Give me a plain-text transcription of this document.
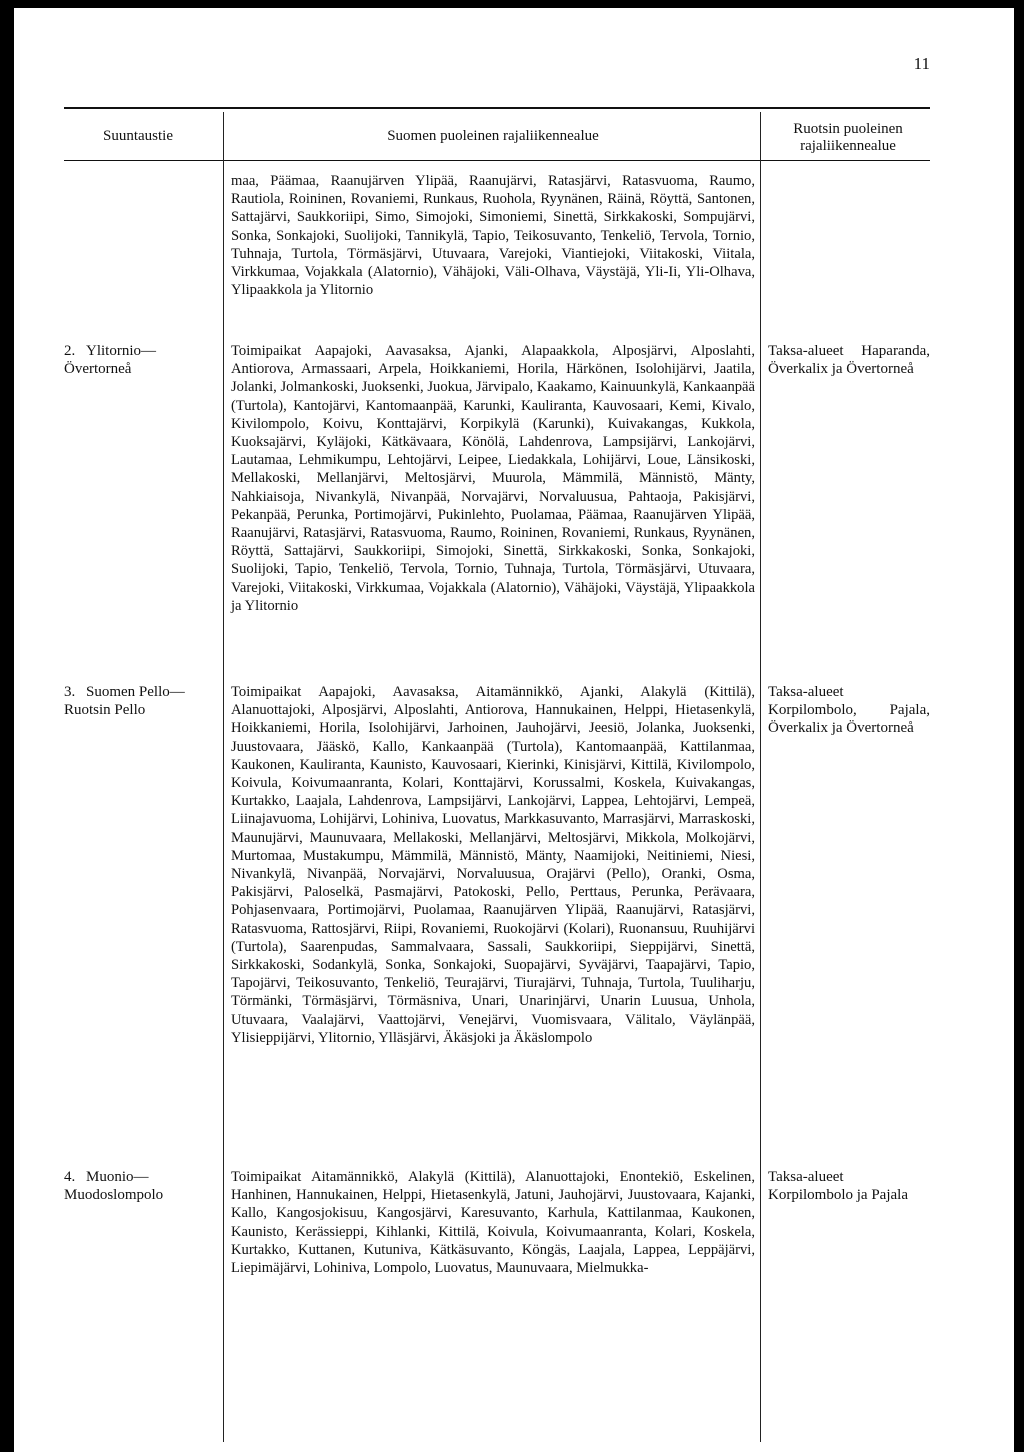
11
Suuntaustie	Suomen puoleinen rajaliikennealue	Ruotsin puoleinen rajaliikennealue
maa, Päämaa, Raanujärven Ylipää, Raanujärvi, Ratasjärvi, Ratasvuoma, Raumo, Rautiola, Roininen, Rovaniemi, Runkaus, Ruohola, Ryynänen, Räinä, Röyttä, Santonen, Sattajärvi, Saukkoriipi, Simo, Simojoki, Simoniemi, Sinettä, Sirkkakoski, Sompujärvi, Sonka, Sonkajoki, Suolijoki, Tannikylä, Tapio, Teikosuvanto, Tenkeliö, Tervola, Tornio, Tuhnaja, Turtola, Törmäsjärvi, Utuvaara, Varejoki, Viantiejoki, Viitakoski, Viitala, Virkkumaa, Vojakkala (Alatornio), Vähäjoki, Väli-Olhava, Väystäjä, Yli-Ii, Yli-Olhava, Ylipaakkola ja Ylitornio
2. Ylitornio—Övertorneå
Toimipaikat Aapajoki, Aavasaksa, Ajanki, Alapaakkola, Alposjärvi, Alposlahti, Antiorova, Armassaari, Arpela, Hoikkaniemi, Horila, Härkönen, Isolohijärvi, Jaatila, Jolanki, Jolmankoski, Juoksenki, Juokua, Järvipalo, Kaakamo, Kainuunkylä, Kankaanpää (Turtola), Kantojärvi, Kantomaanpää, Karunki, Kauliranta, Kauvosaari, Kemi, Kivalo, Kivilompolo, Koivu, Konttajärvi, Korpikylä (Karunki), Kuivakangas, Kukkola, Kuoksajärvi, Kyläjoki, Kätkävaara, Könölä, Lahdenrova, Lampsijärvi, Lankojärvi, Lautamaa, Lehmikumpu, Lehtojärvi, Leipee, Liedakkala, Lohijärvi, Loue, Länsikoski, Mellakoski, Mellanjärvi, Meltosjärvi, Muurola, Mämmilä, Männistö, Mänty, Nahkiaisoja, Nivankylä, Nivanpää, Norvajärvi, Norvaluusua, Pahtaoja, Pakisjärvi, Pekanpää, Perunka, Portimojärvi, Pukinlehto, Puolamaa, Päämaa, Raanujärven Ylipää, Raanujärvi, Ratasjärvi, Ratasvuoma, Raumo, Roininen, Rovaniemi, Runkaus, Ryynänen, Röyttä, Sattajärvi, Saukkoriipi, Simojoki, Sinettä, Sirkkakoski, Sonka, Sonkajoki, Suolijoki, Tapio, Tenkeliö, Tervola, Tornio, Tuhnaja, Turtola, Törmäsjärvi, Utuvaara, Varejoki, Viitakoski, Virkkumaa, Vojakkala (Alatornio), Vähäjoki, Väystäjä, Ylipaakkola ja Ylitornio
Taksa-alueet Haparanda, Överkalix ja Övertorneå
3. Suomen Pello—Ruotsin Pello
Toimipaikat Aapajoki, Aavasaksa, Aitamännikkö, Ajanki, Alakylä (Kittilä), Alanuottajoki, Alposjärvi, Alposlahti, Antiorova, Hannukainen, Helppi, Hietasenkylä, Hoikkaniemi, Horila, Isolohijärvi, Jarhoinen, Jauhojärvi, Jeesiö, Jolanka, Juoksenki, Juustovaara, Jääskö, Kallo, Kankaanpää (Turtola), Kantomaanpää, Kattilanmaa, Kaukonen, Kauliranta, Kaunisto, Kauvosaari, Kierinki, Kinisjärvi, Kittilä, Kivilompolo, Koivula, Koivumaanranta, Kolari, Konttajärvi, Korussalmi, Koskela, Kuivakangas, Kurtakko, Laajala, Lahdenrova, Lampsijärvi, Lankojärvi, Lappea, Lehtojärvi, Lempeä, Liinajavuoma, Lohijärvi, Lohiniva, Luovatus, Markkasuvanto, Marrasjärvi, Marraskoski, Maunujärvi, Maunuvaara, Mellakoski, Mellanjärvi, Meltosjärvi, Mikkola, Molkojärvi, Murtomaa, Mustakumpu, Mämmilä, Männistö, Mänty, Naamijoki, Neitiniemi, Niesi, Nivankylä, Nivanpää, Norvajärvi, Norvaluusua, Orajärvi (Pello), Oranki, Osma, Pakisjärvi, Paloselkä, Pasmajärvi, Patokoski, Pello, Perttaus, Perunka, Perävaara, Pohjasenvaara, Portimojärvi, Puolamaa, Raanujärven Ylipää, Raanujärvi, Ratasjärvi, Ratasvuoma, Rattosjärvi, Riipi, Rovaniemi, Ruokojärvi (Kolari), Ruonansuu, Ruuhijärvi (Turtola), Saarenpudas, Sammalvaara, Sassali, Saukkoriipi, Sieppijärvi, Sinettä, Sirkkakoski, Sodankylä, Sonka, Sonkajoki, Suopajärvi, Syväjärvi, Taapajärvi, Tapio, Tapojärvi, Teikosuvanto, Tenkeliö, Teurajärvi, Tiurajärvi, Tuhnaja, Turtola, Tuuliharju, Törmänki, Törmäsjärvi, Törmäsniva, Unari, Unarinjärvi, Unarin Luusua, Unhola, Utuvaara, Vaalajärvi, Vaattojärvi, Venejärvi, Vuomisvaara, Välitalo, Väylänpää, Ylisieppijärvi, Ylitornio, Ylläsjärvi, Äkäsjoki ja Äkäslompolo
Taksa-alueet Korpilombolo, Pajala, Överkalix ja Övertorneå
4. Muonio—Muodoslompolo
Toimipaikat Aitamännikkö, Alakylä (Kittilä), Alanuottajoki, Enontekiö, Eskelinen, Hanhinen, Hannukainen, Helppi, Hietasenkylä, Jatuni, Jauhojärvi, Juustovaara, Kajanki, Kallo, Kangosjokisuu, Kangosjärvi, Karesuvanto, Karhula, Kattilanmaa, Kaukonen, Kaunisto, Kerässieppi, Kihlanki, Kittilä, Koivula, Koivumaanranta, Kolari, Koskela, Kurtakko, Kuttanen, Kutuniva, Kätkäsuvanto, Köngäs, Laajala, Lappea, Leppäjärvi, Liepimäjärvi, Lohiniva, Lompolo, Luovatus, Maunuvaara, Mielmukka-
Taksa-alueet Korpilombolo ja Pajala
